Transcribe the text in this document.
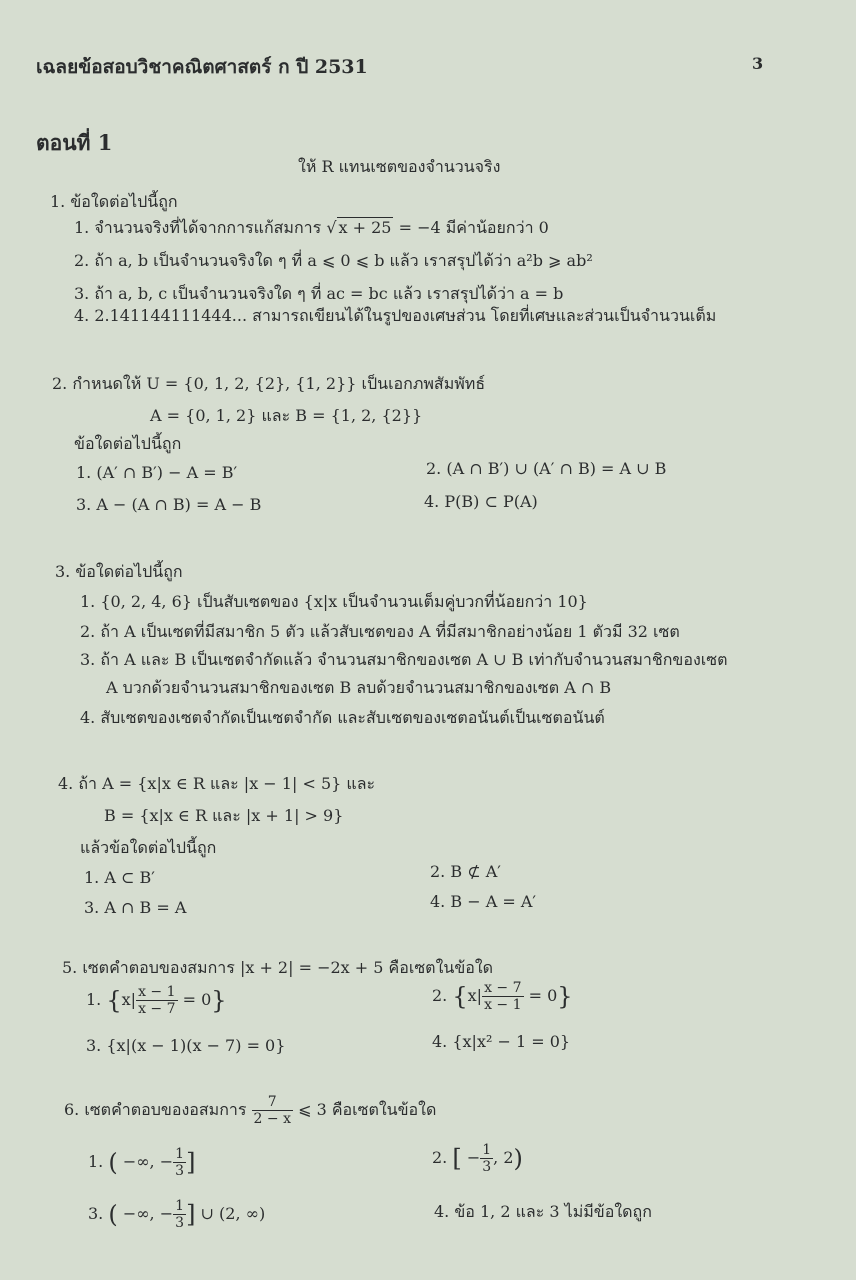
เฉลยข้อสอบวิชาคณิตศาสตร์ ก ปี 2531	3
ตอนที่ 1
ให้ R แทนเซตของจำนวนจริง
1. ข้อใดต่อไปนี้ถูก
1. จำนวนจริงที่ได้จากการแก้สมการ √ x + 25 = −4 มีค่าน้อยกว่า 0
2. ถ้า a, b เป็นจำนวนจริงใด ๆ ที่ a ⩽ 0 ⩽ b แล้ว เราสรุปได้ว่า a²b ⩾ ab²
3. ถ้า a, b, c เป็นจำนวนจริงใด ๆ ที่ ac = bc แล้ว เราสรุปได้ว่า a = b
4. 2.141144111444... สามารถเขียนได้ในรูปของเศษส่วน โดยที่เศษและส่วนเป็นจำนวนเต็ม
2. กำหนดให้ U = {0, 1, 2, {2}, {1, 2}} เป็นเอกภพสัมพัทธ์
A = {0, 1, 2} และ B = {1, 2, {2}}
ข้อใดต่อไปนี้ถูก
1. (A′ ∩ B′) − A = B′	2. (A ∩ B′) ∪ (A′ ∩ B) = A ∪ B
3. A − (A ∩ B) = A − B	4. P(B) ⊂ P(A)
3. ข้อใดต่อไปนี้ถูก
1. {0, 2, 4, 6} เป็นสับเซตของ {x|x เป็นจำนวนเต็มคู่บวกที่น้อยกว่า 10}
2. ถ้า A เป็นเซตที่มีสมาชิก 5 ตัว แล้วสับเซตของ A ที่มีสมาชิกอย่างน้อย 1 ตัวมี 32 เซต
3. ถ้า A และ B เป็นเซตจำกัดแล้ว จำนวนสมาชิกของเซต A ∪ B เท่ากับจำนวนสมาชิกของเซต
A บวกด้วยจำนวนสมาชิกของเซต B ลบด้วยจำนวนสมาชิกของเซต A ∩ B
4. สับเซตของเซตจำกัดเป็นเซตจำกัด และสับเซตของเซตอนันต์เป็นเซตอนันต์
4. ถ้า A = {x|x ∈ R และ |x − 1| < 5} และ
B = {x|x ∈ R และ |x + 1| > 9}
แล้วข้อใดต่อไปนี้ถูก
1. A ⊂ B′	2. B ⊄ A′
3. A ∩ B = A	4. B − A = A′
5. เซตคำตอบของสมการ |x + 2| = −2x + 5 คือเซตในข้อใด
1. $\{x| \frac{x - 1}{x - 7} = 0\}$	2. $\{x| \frac{x - 7}{x - 1} = 0\}$
3. {x|(x − 1)(x − 7) = 0}	4. {x|x² − 1 = 0}
6. เซตคำตอบของอสมการ $\frac{7}{2 - x}$ ⩽ 3 คือเซตในข้อใด
1. ( −∞, − $\frac{1}{3}$ ]	2. [ − $\frac{1}{3}$ , 2)
3. ( −∞, − $\frac{1}{3}$ ] ∪ (2, ∞)	4. ข้อ 1, 2 และ 3 ไม่มีข้อใดถูก
